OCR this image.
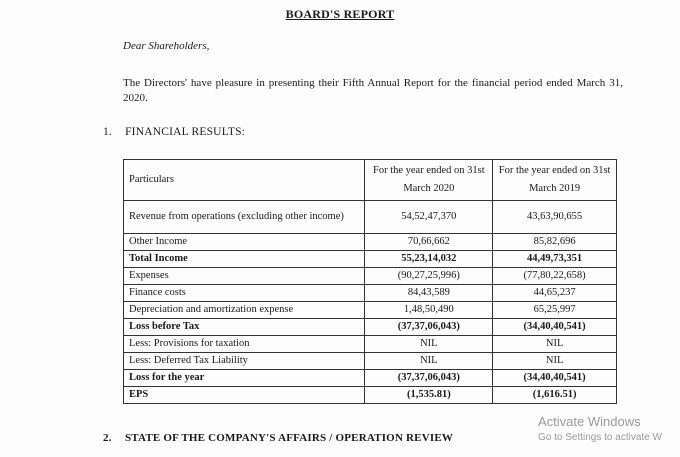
BOARD'S REPORT
Dear Shareholders,
The Directors' have pleasure in presenting their Fifth Annual Report for the financial period ended March 31, 2020.
1. FINANCIAL RESULTS:
Particulars	For the year ended on 31st March 2020	For the year ended on 31st March 2019
Revenue from operations (excluding other income)	54,52,47,370	43,63,90,655
Other Income	70,66,662	85,82,696
Total Income	55,23,14,032	44,49,73,351
Expenses	(90,27,25,996)	(77,80,22,658)
Finance costs	84,43,589	44,65,237
Depreciation and amortization expense	1,48,50,490	65,25,997
Loss before Tax	(37,37,06,043)	(34,40,40,541)
Less: Provisions for taxation	NIL	NIL
Less: Deferred Tax Liability	NIL	NIL
Loss for the year	(37,37,06,043)	(34,40,40,541)
EPS	(1,535.81)	(1,616.51)
2. STATE OF THE COMPANY'S AFFAIRS / OPERATION REVIEW
Activate Windows
Go to Settings to activate W
